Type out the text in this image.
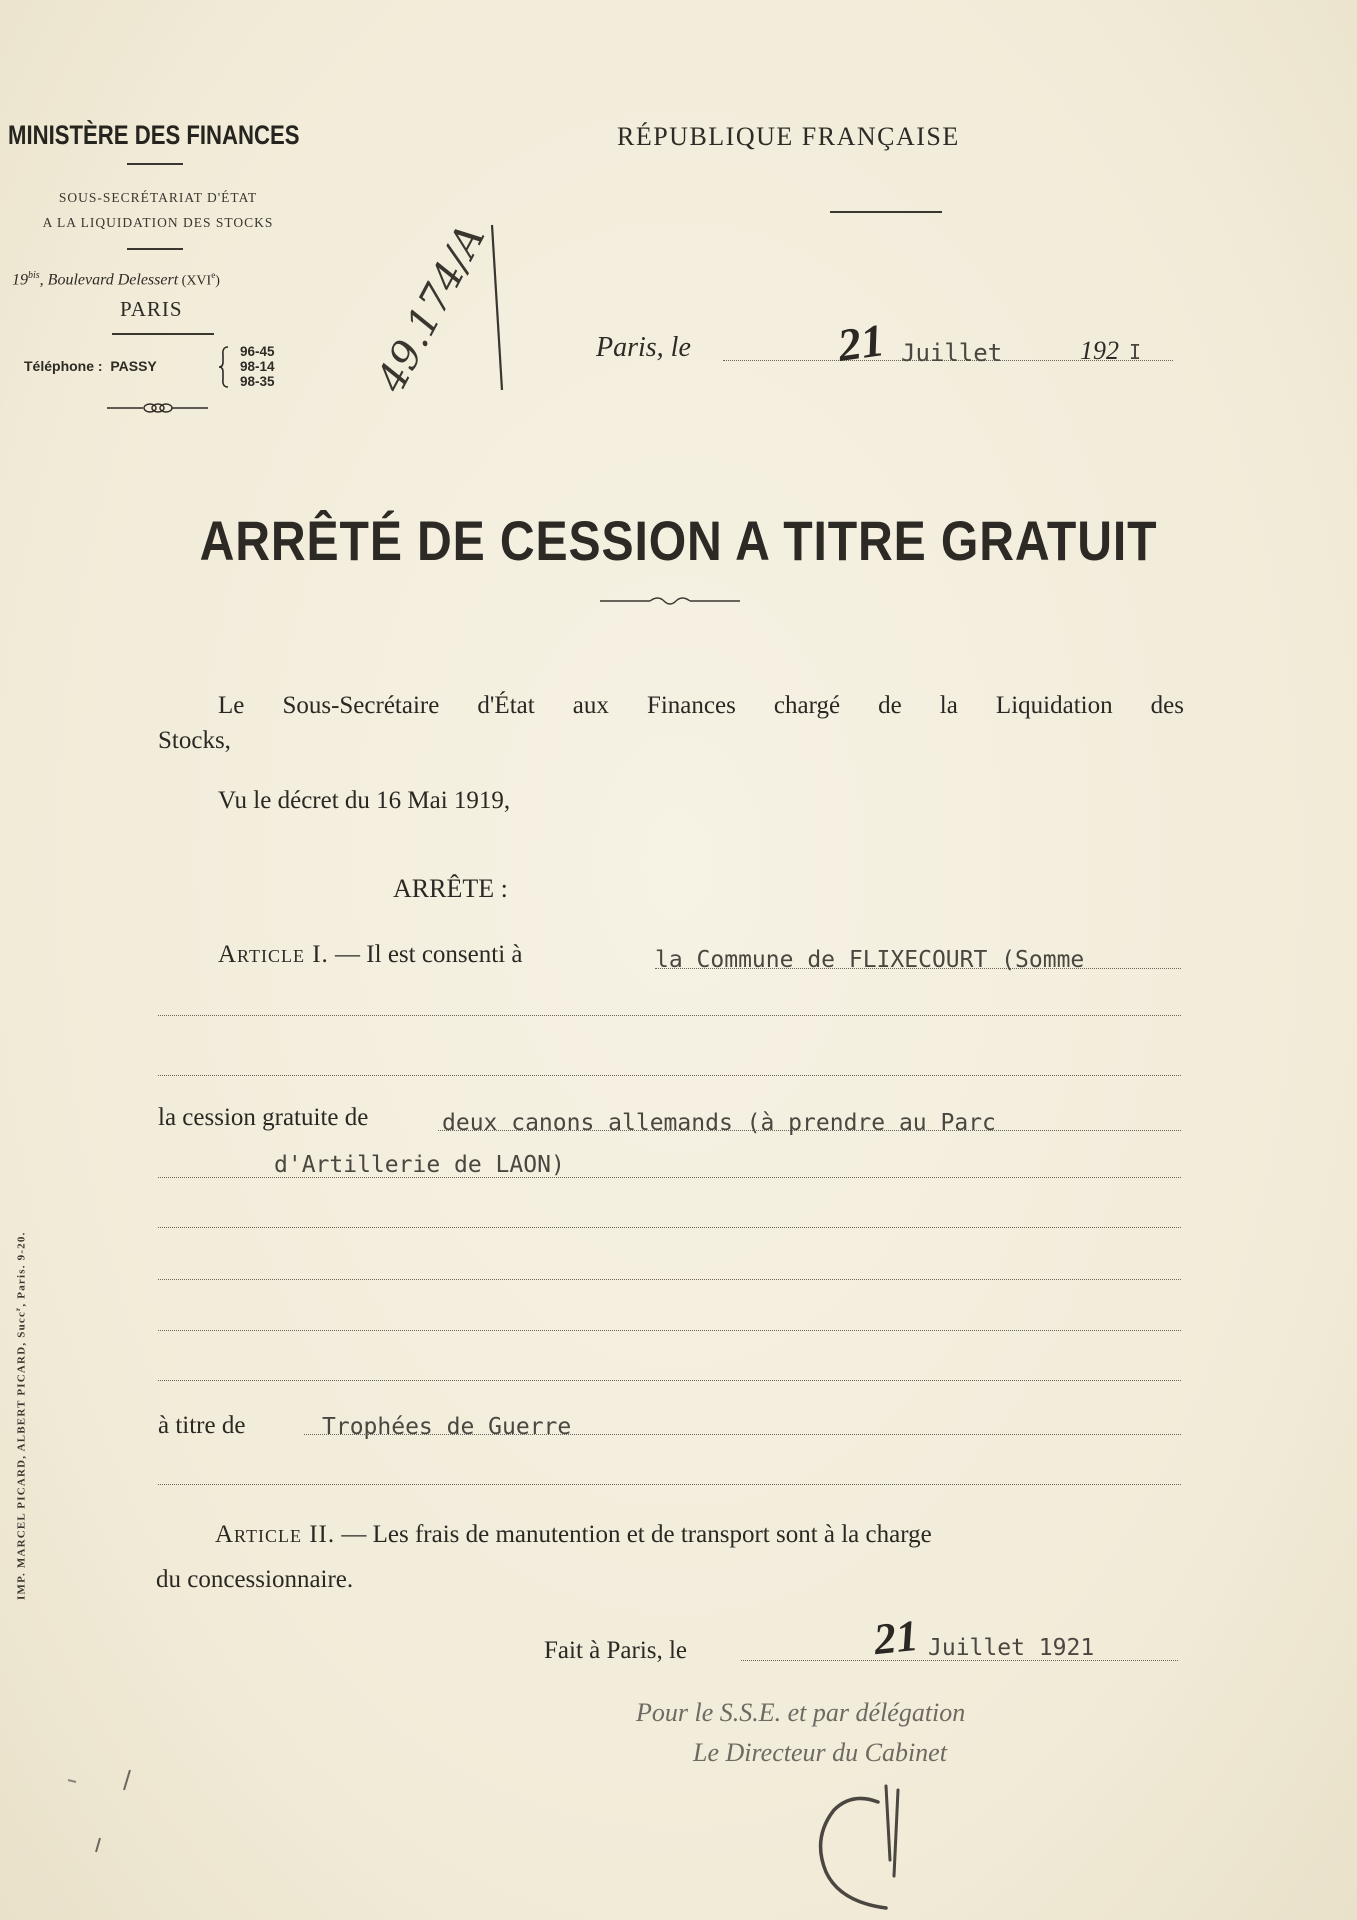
MINISTÈRE DES FINANCES
SOUS-SECRÉTARIAT D'ÉTAT
A LA LIQUIDATION DES STOCKS
$19^{bis}$, Boulevard Delessert (XVIe)
PARIS
Téléphone : PASSY
96-45
98-14
98-35
RÉPUBLIQUE FRANÇAISE
49.174/A	Paris, le	21 Juillet	192 I
ARRÊTÉ DE CESSION A TITRE GRATUIT
Le Sous-Secrétaire d'État aux Finances chargé de la Liquidation des
Stocks,
Vu le décret du 16 Mai 1919,
ARRÊTE :
Article I. — Il est consenti à	la Commune de FLIXECOURT (Somme
la cession gratuite de	deux canons allemands (à prendre au Parc
d'Artillerie de LAON)
à titre de	Trophées de Guerre
Article II. — Les frais de manutention et de transport sont à la charge
du concessionnaire.
Fait à Paris, le	21 Juillet 1921
Pour le S.S.E. et par délégation
Le Directeur du Cabinet
IMP. MARCEL PICARD, ALBERT PICARD, Succ$^r$, Paris. 9-20.
